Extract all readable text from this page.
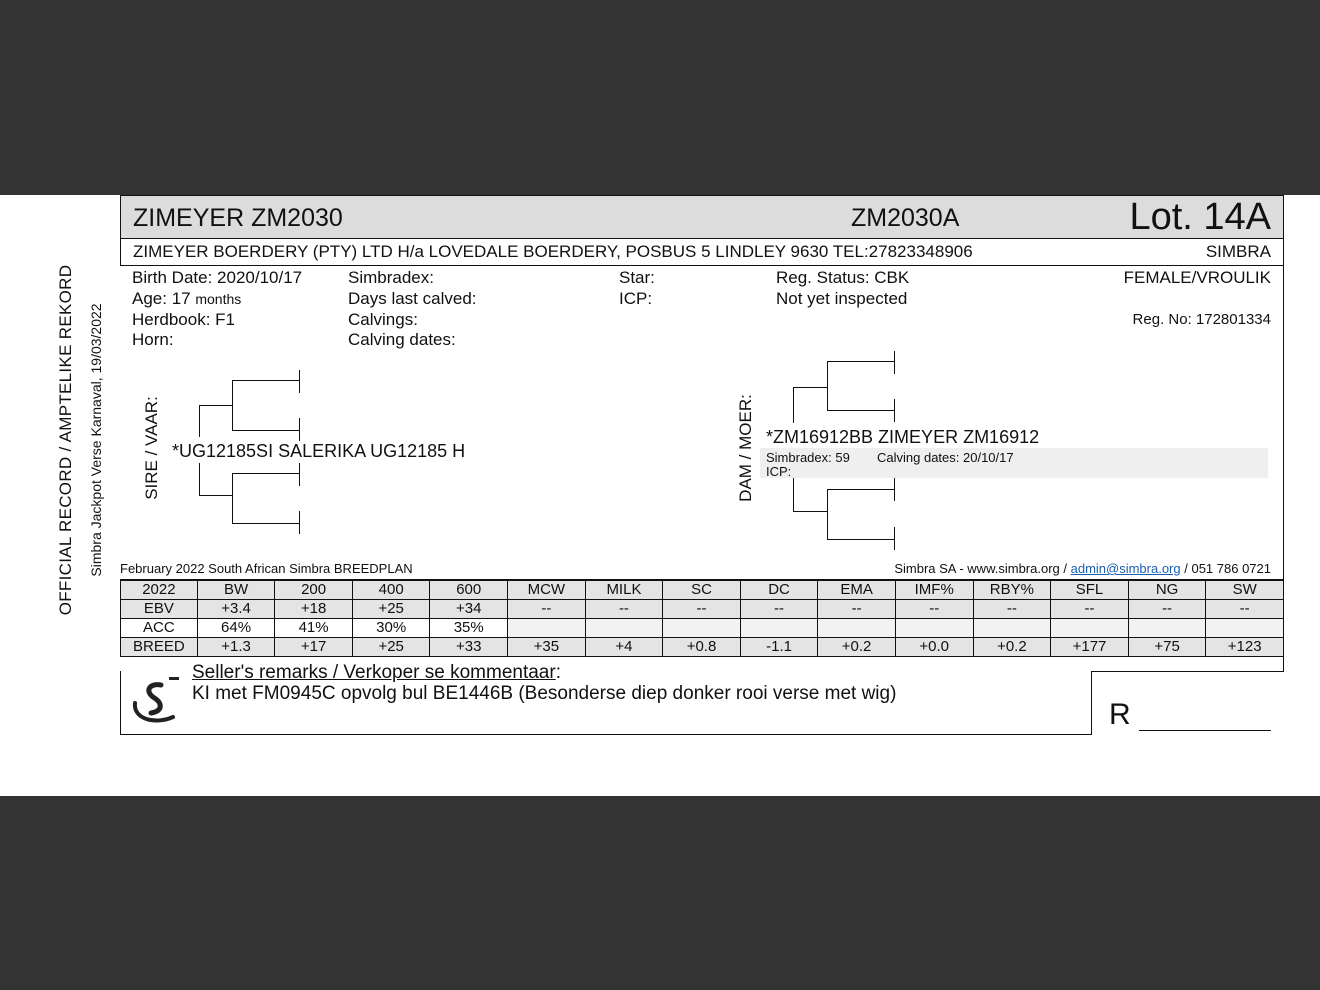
OFFICIAL RECORD / AMPTELIKE REKORD Simbra Jackpot Verse Karnaval, 19/03/2022
ZIMEYER ZM2030	ZM2030A	Lot. 14A
ZIMEYER BOERDERY (PTY) LTD H/a LOVEDALE BOERDERY, POSBUS 5 LINDLEY 9630 TEL:27823348906	SIMBRA
Birth Date: 2020/10/17
Age: 17 months
Herdbook: F1
Horn:
Simbradex:
Days last calved:
Calvings:
Calving dates:
Star:
ICP:
Reg. Status: CBK
Not yet inspected
FEMALE/VROULIK
Reg. No: 172801334
SIRE / VAAR: *UG12185SI SALERIKA UG12185 H	DAM / MOER: *ZM16912BB ZIMEYER ZM16912
Simbradex: 59 Calving dates: 20/10/17
ICP:
February 2022 South African Simbra BREEDPLAN	Simbra SA - www.simbra.org / admin@simbra.org / 051 786 0721
2022	BW	200	400	600	MCW	MILK	SC	DC	EMA	IMF%	RBY%	SFL	NG	SW
EBV	+3.4	+18	+25	+34	--	--	--	--	--	--	--	--	--	--
ACC	64%	41%	30%	35%										
BREED	+1.3	+17	+25	+33	+35	+4	+0.8	-1.1	+0.2	+0.0	+0.2	+177	+75	+123
Seller's remarks / Verkoper se kommentaar:
KI met FM0945C opvolg bul BE1446B (Besonderse diep donker rooi verse met wig)
R
